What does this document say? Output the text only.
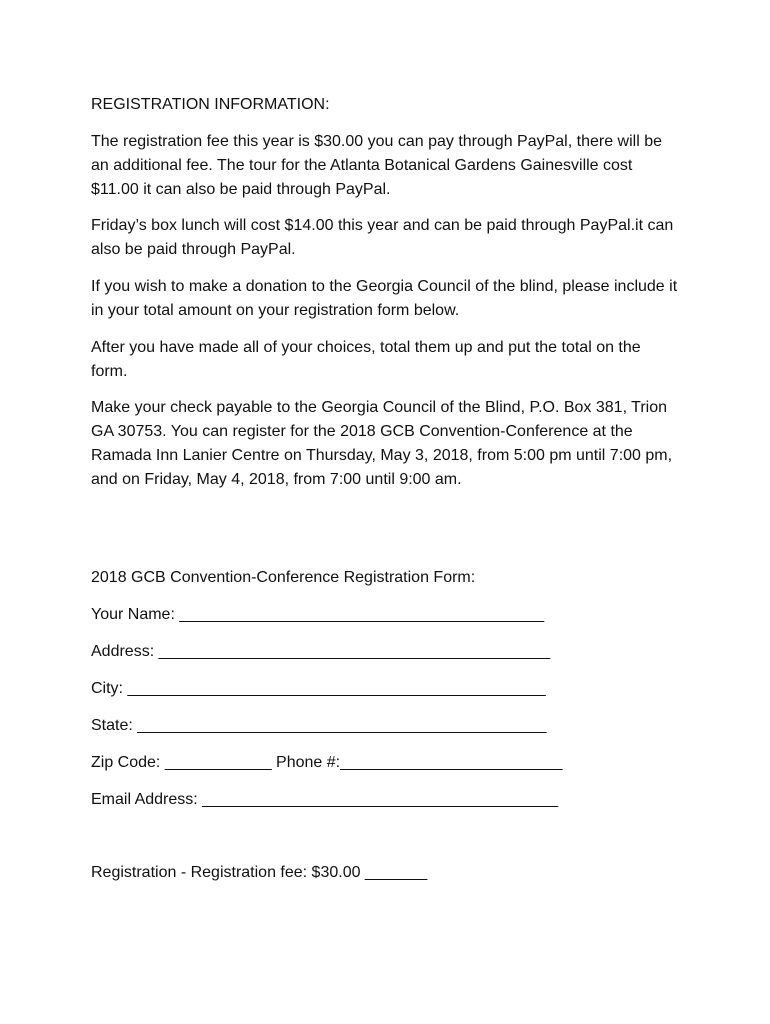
REGISTRATION INFORMATION:
The registration fee this year is $30.00 you can pay through PayPal, there will be an additional fee. The tour for the Atlanta Botanical Gardens Gainesville cost $11.00 it can also be paid through PayPal.
Friday’s box lunch will cost $14.00 this year and can be paid through PayPal.it can also be paid through PayPal.
If you wish to make a donation to the Georgia Council of the blind, please include it in your total amount on your registration form below.
After you have made all of your choices, total them up and put the total on the form.
Make your check payable to the Georgia Council of the Blind, P.O. Box 381, Trion GA 30753. You can register for the 2018 GCB Convention-Conference at the Ramada Inn Lanier Centre on Thursday, May 3, 2018, from 5:00 pm until 7:00 pm, and on Friday, May 4, 2018, from 7:00 until 9:00 am.
2018 GCB Convention-Conference Registration Form:
Your Name: _________________________________________
Address: ____________________________________________
City: _______________________________________________
State: ______________________________________________
Zip Code: ____________ Phone #:_________________________
Email Address: ________________________________________
Registration - Registration fee: $30.00 _______
